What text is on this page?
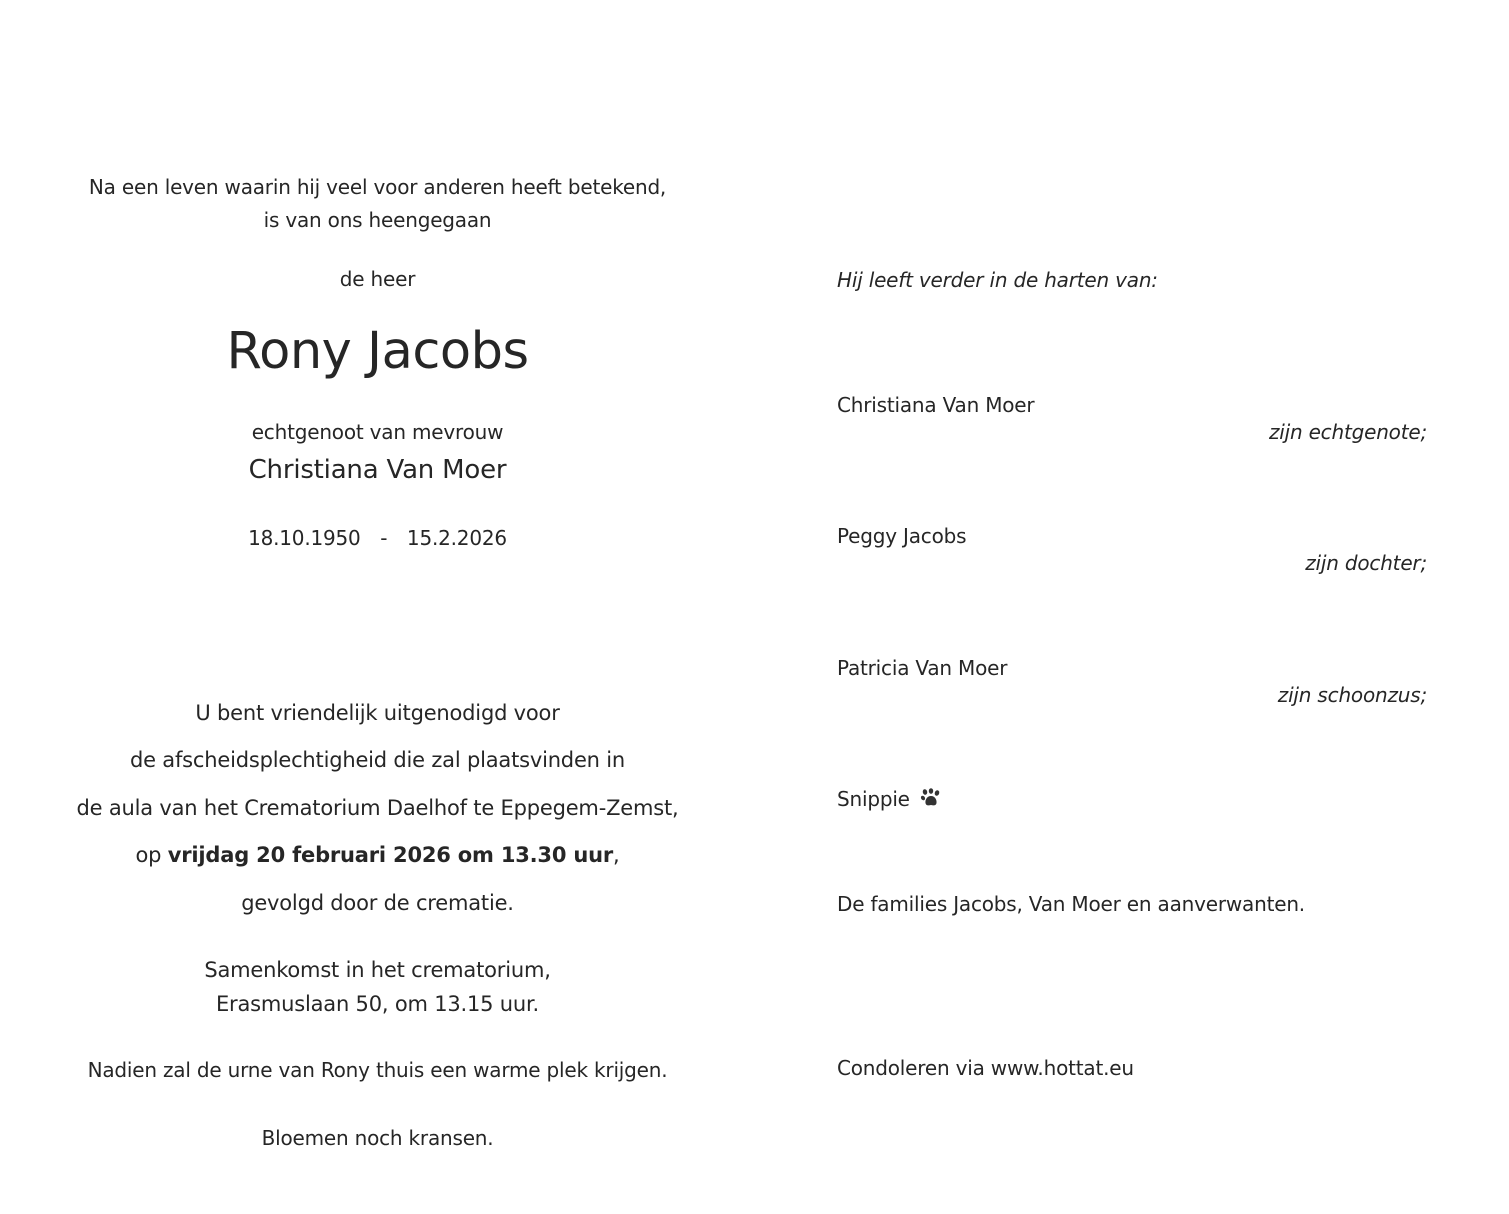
Na een leven waarin hij veel voor anderen heeft betekend,
is van ons heengegaan
de heer
Rony Jacobs
echtgenoot van mevrouw
Christiana Van Moer
18.10.1950 - 15.2.2026
U bent vriendelijk uitgenodigd voor
de afscheidsplechtigheid die zal plaatsvinden in
de aula van het Crematorium Daelhof te Eppegem-Zemst,
op vrijdag 20 februari 2026 om 13.30 uur,
gevolgd door de crematie.
Samenkomst in het crematorium,
Erasmuslaan 50, om 13.15 uur.
Nadien zal de urne van Rony thuis een warme plek krijgen.
Bloemen noch kransen.
Hij leeft verder in de harten van:
Christiana Van Moer
zijn echtgenote;
Peggy Jacobs
zijn dochter;
Patricia Van Moer
zijn schoonzus;
Snippie
De families Jacobs, Van Moer en aanverwanten.
Condoleren via www.hottat.eu
